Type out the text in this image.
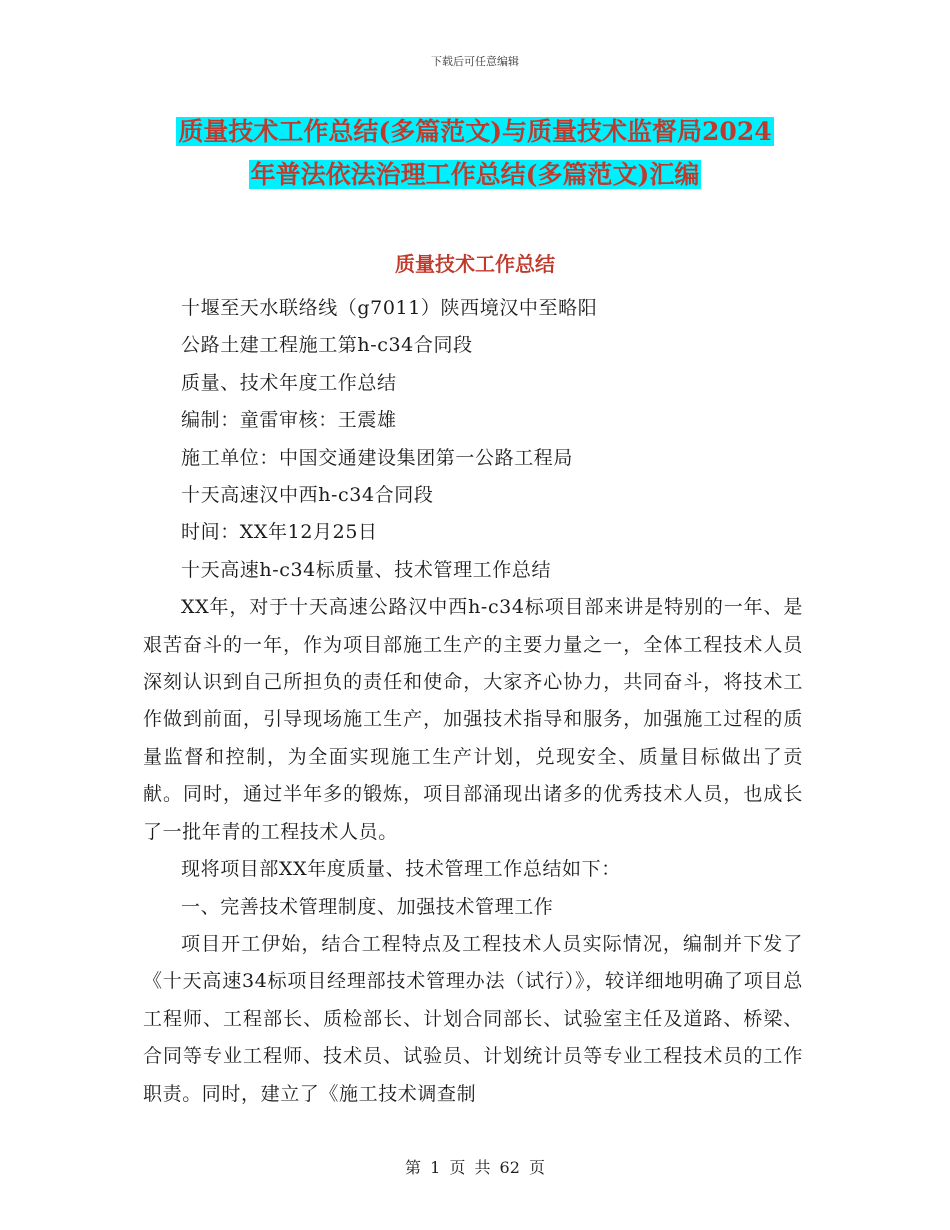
下载后可任意编辑
质量技术工作总结(多篇范文)与质量技术监督局2024
年普法依法治理工作总结(多篇范文)汇编
质量技术工作总结

十堰至天水联络线（g7011）陕西境汉中至略阳

公路土建工程施工第h-c34合同段

质量、技术年度工作总结

编制：童雷审核：王震雄

施工单位：中国交通建设集团第一公路工程局

十天高速汉中西h-c34合同段

时间：XX年12月25日

十天高速h-c34标质量、技术管理工作总结

XX年，对于十天高速公路汉中西h-c34标项目部来讲是特别的一年、是艰苦奋斗的一年，作为项目部施工生产的主要力量之一，全体工程技术人员深刻认识到自己所担负的责任和使命，大家齐心协力，共同奋斗，将技术工作做到前面，引导现场施工生产，加强技术指导和服务，加强施工过程的质量监督和控制，为全面实现施工生产计划，兑现安全、质量目标做出了贡献。同时，通过半年多的锻炼，项目部涌现出诸多的优秀技术人员，也成长了一批年青的工程技术人员。

现将项目部XX年度质量、技术管理工作总结如下：

一、完善技术管理制度、加强技术管理工作

项目开工伊始，结合工程特点及工程技术人员实际情况，编制并下发了《十天高速34标项目经理部技术管理办法（试行）》，较详细地明确了项目总工程师、工程部长、质检部长、计划合同部长、试验室主任及道路、桥梁、合同等专业工程师、技术员、试验员、计划统计员等专业工程技术员的工作职责。同时，建立了《施工技术调查制

第 1 页 共 62 页
